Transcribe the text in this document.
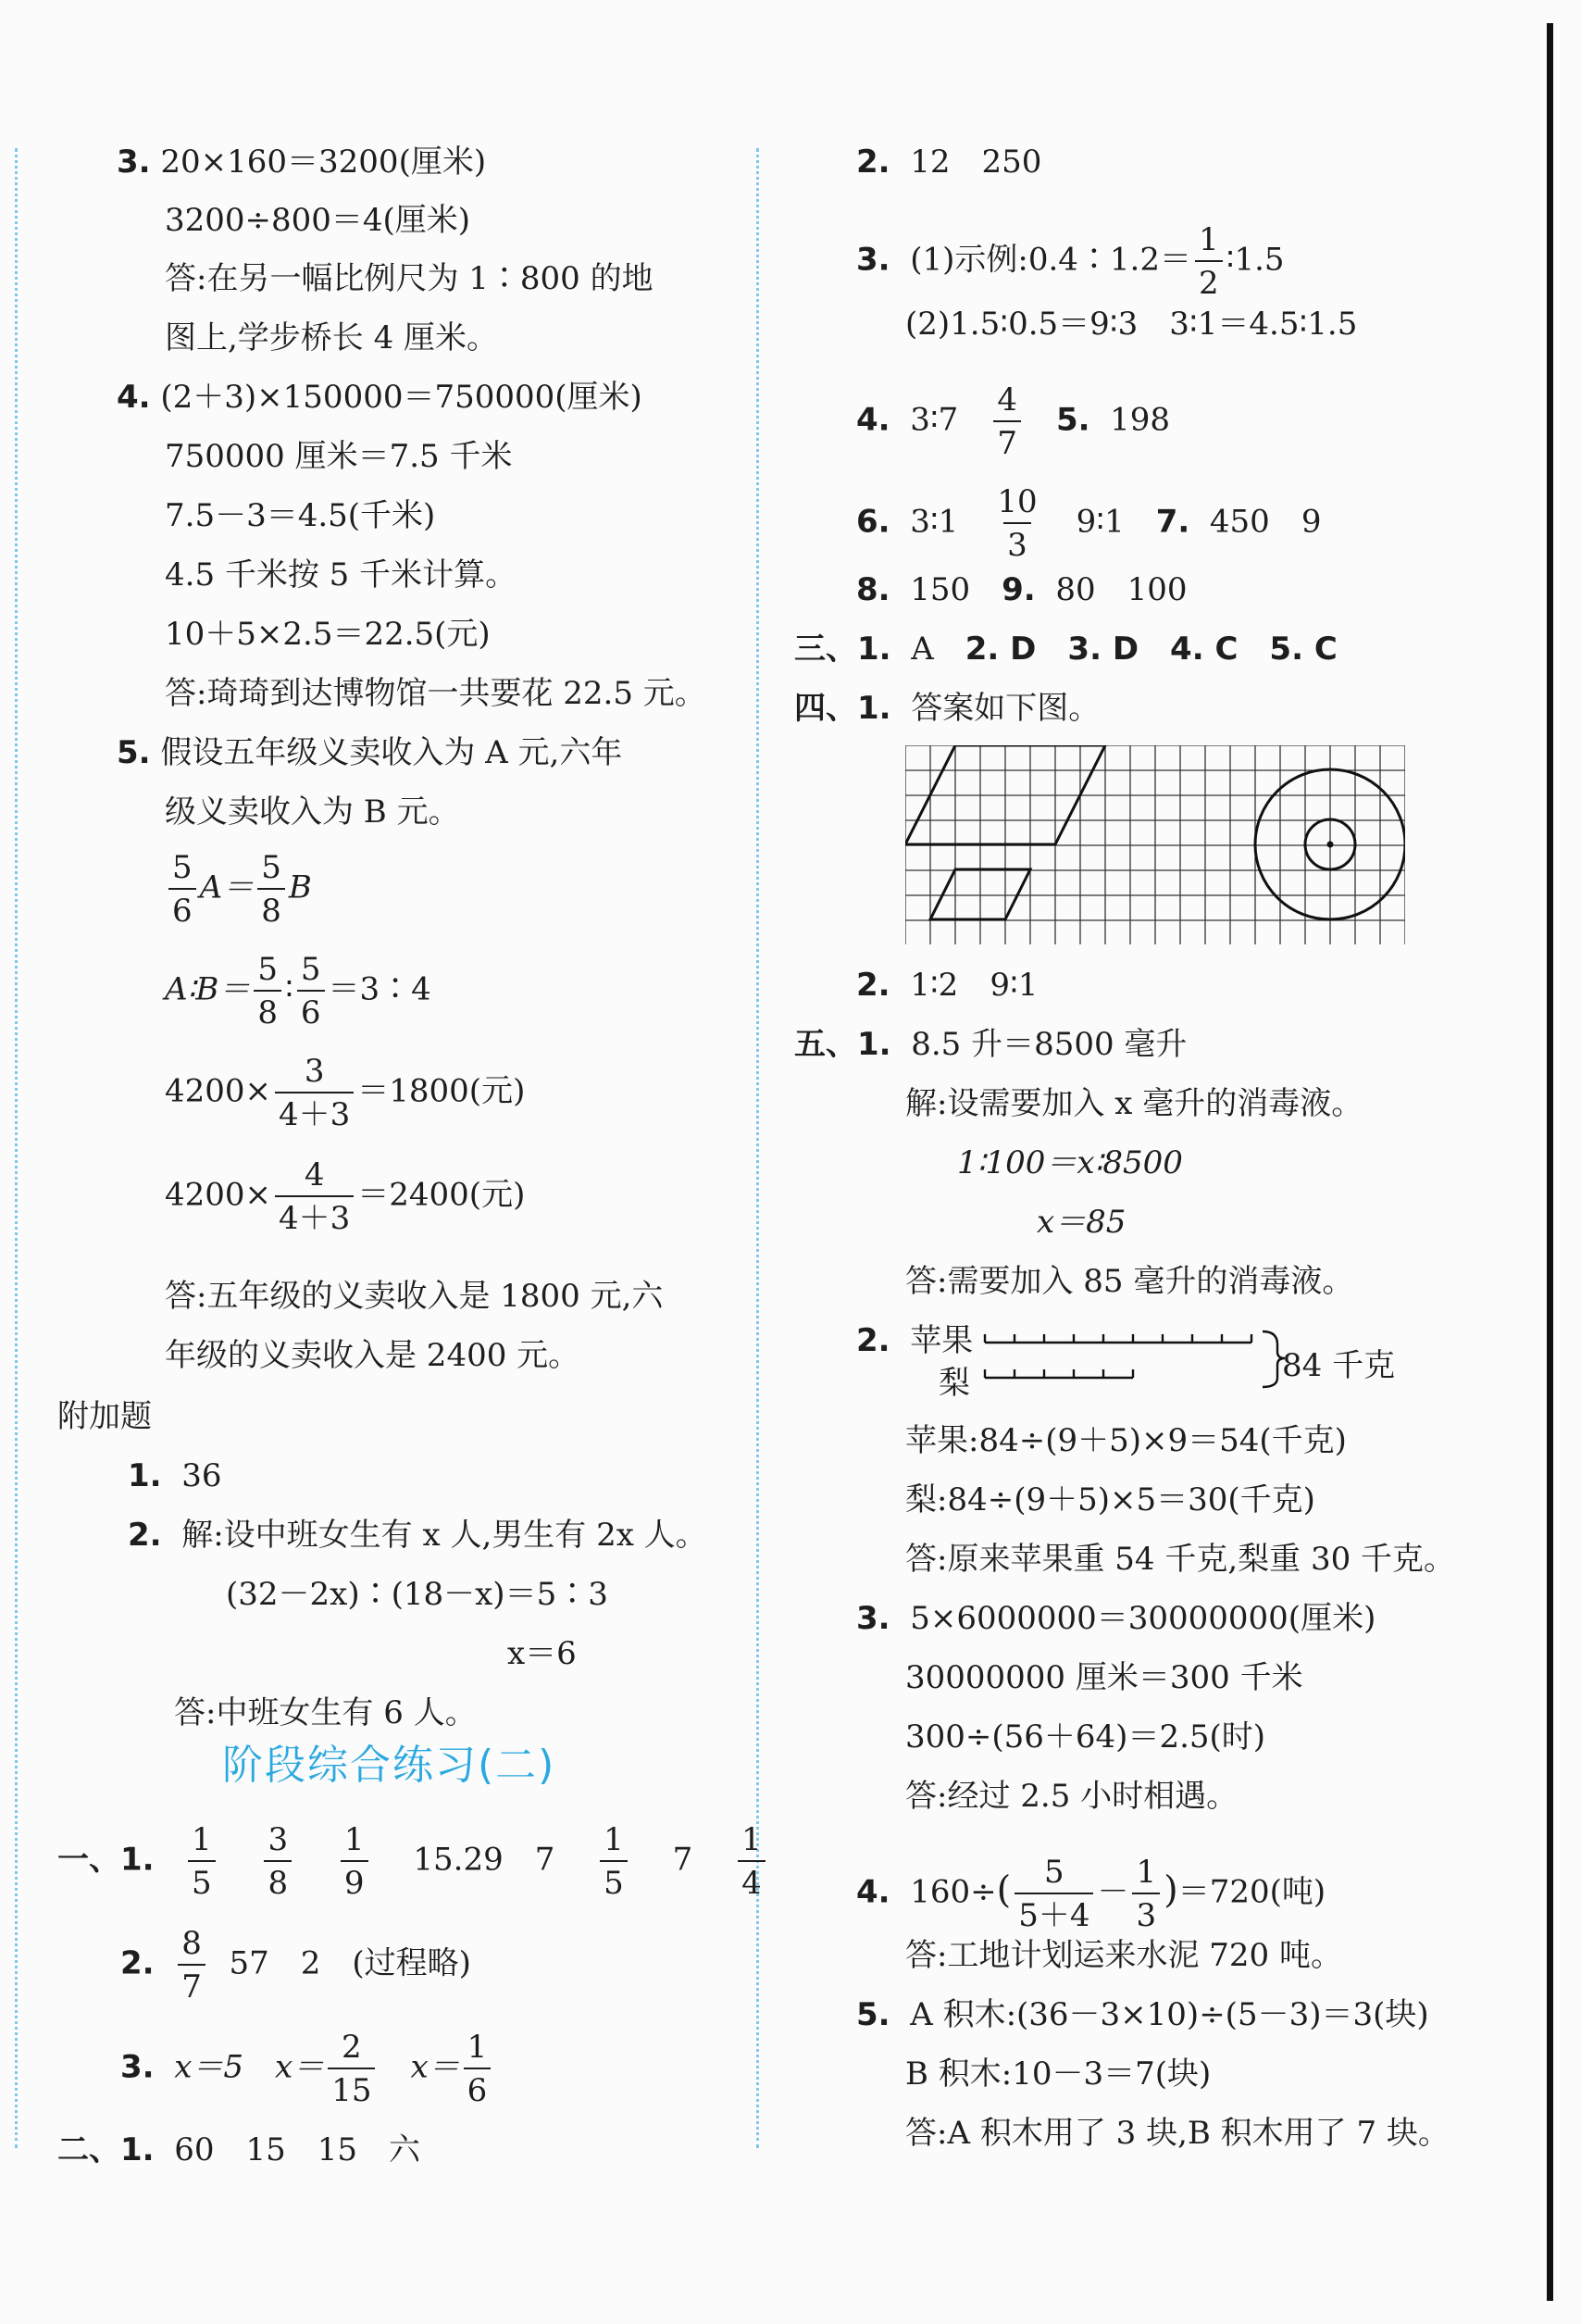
3. 20×160＝3200(厘米)
3200÷800＝4(厘米)
答:在另一幅比例尺为 1∶800 的地
图上,学步桥长 4 厘米。
4. (2＋3)×150000＝750000(厘米)
750000 厘米＝7.5 千米
7.5－3＝4.5(千米)
4.5 千米按 5 千米计算。
10＋5×2.5＝22.5(元)
答:琦琦到达博物馆一共要花 22.5 元。
5. 假设五年级义卖收入为 A 元,六年
级义卖收入为 B 元。
$\frac{5}{6} A= \frac{5}{8}$ B
A∶B＝ $\frac{5}{8}$ ∶ $\frac{5}{6}$ ＝3∶4
$4200\times \frac{3}{4+3} =1800$(元)
$4200\times \frac{4}{4+3} =2400$(元)
答:五年级的义卖收入是 1800 元,六
年级的义卖收入是 2400 元。
附加题
1. 36
2. 解:设中班女生有 x 人,男生有 2x 人。
(32－2x)∶(18－x)＝5∶3
x＝6
答:中班女生有 6 人。
阶段综合练习(二)
一、1. $\frac{1}{5}$
$\frac{3}{8}$
$\frac{1}{9} 15.29$　$7 \frac{1}{5} 7 \frac{1}{4}$
2. $\frac{8}{7} 57$　2　(过程略)
3. x＝5 $x= \frac{2}{15} x= \frac{1}{6}$
二、1. 60　15　15　六
2. 12　250
3. (1)示例:0.4∶1.2＝ $\frac{1}{2}$ ∶1.5
(2)1.5∶0.5＝9∶3　3∶1＝4.5∶1.5
4. 3∶7 $\frac{4}{7} 5$. 198
6. 3∶1 $\frac{10}{3}$ 9∶1 7. 450　9
8. 150 9. 80　100
三、1. A 2. D 3. D 4. C 5. C
四、1. 答案如下图。
2. 1∶2　9∶1
五、1. 8.5 升＝8500 毫升
解:设需要加入 x 毫升的消毒液。
1∶100＝x∶8500
x＝85
答:需要加入 85 毫升的消毒液。
2. 苹果
梨	84 千克
苹果:84÷(9＋5)×9＝54(千克)
梨:84÷(9＋5)×5＝30(千克)
答:原来苹果重 54 千克,梨重 30 千克。
3. 5×6000000＝30000000(厘米)
30000000 厘米＝300 千米
300÷(56＋64)＝2.5(时)
答:经过 2.5 小时相遇。
4. $160\div( \frac{5}{5+4} - \frac{1}{3} )=720$(吨)
答:工地计划运来水泥 720 吨。
5. A 积木:(36－3×10)÷(5－3)＝3(块)
B 积木:10－3＝7(块)
答:A 积木用了 3 块,B 积木用了 7 块。
